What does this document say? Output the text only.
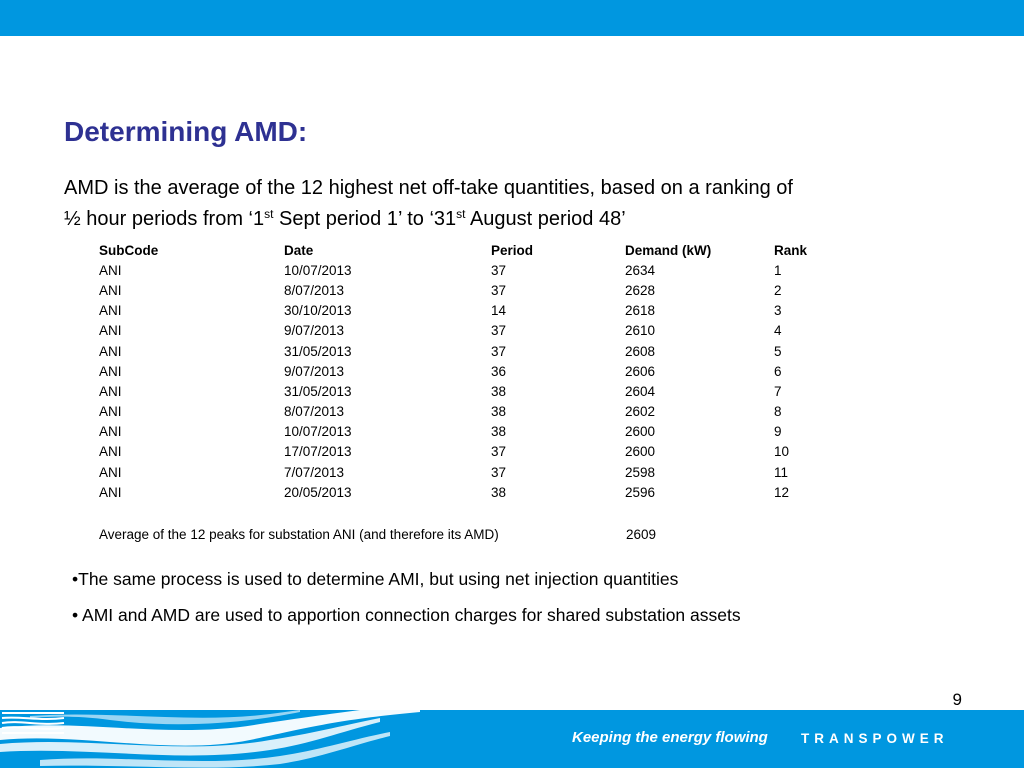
Determining AMD:
AMD is the average of the 12 highest net off-take quantities, based on a ranking of
½ hour periods from ‘1st Sept period 1’ to ‘31st August period 48’
SubCode	Date	Period	Demand (kW)	Rank
ANI	10/07/2013	37	2634	1
ANI	8/07/2013	37	2628	2
ANI	30/10/2013	14	2618	3
ANI	9/07/2013	37	2610	4
ANI	31/05/2013	37	2608	5
ANI	9/07/2013	36	2606	6
ANI	31/05/2013	38	2604	7
ANI	8/07/2013	38	2602	8
ANI	10/07/2013	38	2600	9
ANI	17/07/2013	37	2600	10
ANI	7/07/2013	37	2598	11
ANI	20/05/2013	38	2596	12
Average of the 12 peaks for substation ANI (and therefore its AMD)	2609
•The same process is used to determine AMI, but using net injection quantities
• AMI and AMD are used to apportion connection charges for shared substation assets
9
Keeping the energy flowing TRANSPOWER
